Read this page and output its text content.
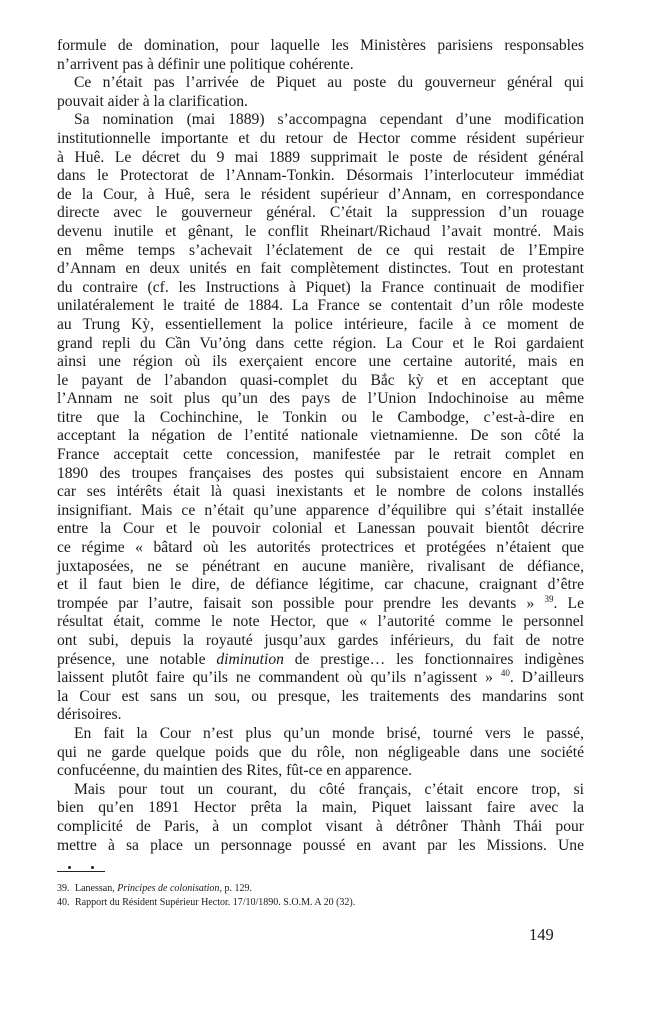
formule de domination, pour laquelle les Ministères parisiens responsables
n’arrivent pas à définir une politique cohérente.
Ce n’était pas l’arrivée de Piquet au poste du gouverneur général qui
pouvait aider à la clarification.
Sa nomination (mai 1889) s’accompagna cependant d’une modification
institutionnelle importante et du retour de Hector comme résident supérieur
à Huê. Le décret du 9 mai 1889 supprimait le poste de résident général
dans le Protectorat de l’Annam-Tonkin. Désormais l’interlocuteur immédiat
de la Cour, à Huê, sera le résident supérieur d’Annam, en correspondance
directe avec le gouverneur général. C’était la suppression d’un rouage
devenu inutile et gênant, le conflit Rheinart/Richaud l’avait montré. Mais
en même temps s’achevait l’éclatement de ce qui restait de l’Empire
d’Annam en deux unités en fait complètement distinctes. Tout en protestant
du contraire (cf. les Instructions à Piquet) la France continuait de modifier
unilatéralement le traité de 1884. La France se contentait d’un rôle modeste
au Trung Kỳ, essentiellement la police intérieure, facile à ce moment de
grand repli du Cần Vu’ỏng dans cette région. La Cour et le Roi gardaient
ainsi une région où ils exerçaient encore une certaine autorité, mais en
le payant de l’abandon quasi-complet du Bắc kỳ et en acceptant que
l’Annam ne soit plus qu’un des pays de l’Union Indochinoise au même
titre que la Cochinchine, le Tonkin ou le Cambodge, c’est-à-dire en
acceptant la négation de l’entité nationale vietnamienne. De son côté la
France acceptait cette concession, manifestée par le retrait complet en
1890 des troupes françaises des postes qui subsistaient encore en Annam
car ses intérêts était là quasi inexistants et le nombre de colons installés
insignifiant. Mais ce n’était qu’une apparence d’équilibre qui s’était installée
entre la Cour et le pouvoir colonial et Lanessan pouvait bientôt décrire
ce régime « bâtard où les autorités protectrices et protégées n’étaient que
juxtaposées, ne se pénétrant en aucune manière, rivalisant de défiance,
et il faut bien le dire, de défiance légitime, car chacune, craignant d’être
trompée par l’autre, faisait son possible pour prendre les devants » $^{39}$. Le
résultat était, comme le note Hector, que « l’autorité comme le personnel
ont subi, depuis la royauté jusqu’aux gardes inférieurs, du fait de notre
présence, une notable diminution de prestige… les fonctionnaires indigènes
laissent plutôt faire qu’ils ne commandent où qu’ils n’agissent » $^{40}$. D’ailleurs
la Cour est sans un sou, ou presque, les traitements des mandarins sont
dérisoires.
En fait la Cour n’est plus qu’un monde brisé, tourné vers le passé,
qui ne garde quelque poids que du rôle, non négligeable dans une société
confucéenne, du maintien des Rites, fût-ce en apparence.
Mais pour tout un courant, du côté français, c’était encore trop, si
bien qu’en 1891 Hector prêta la main, Piquet laissant faire avec la
complicité de Paris, à un complot visant à détrôner Thành Thái pour
mettre à sa place un personnage poussé en avant par les Missions. Une
39. Lanessan, Principes de colonisation, p. 129.
40. Rapport du Résident Supérieur Hector. 17/10/1890. S.O.M. A 20 (32).
149
